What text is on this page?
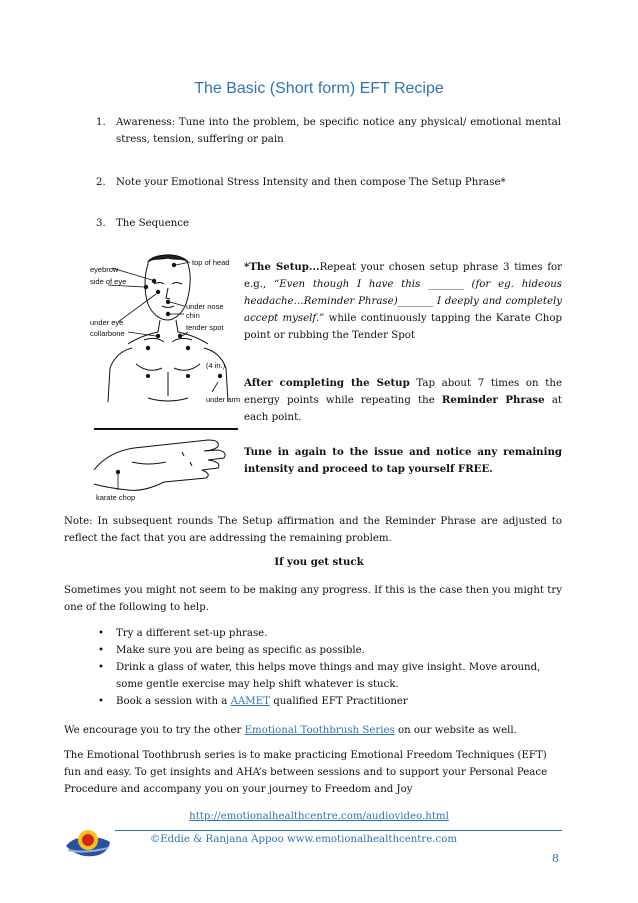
The Basic (Short form) EFT Recipe
1. Awareness: Tune into the problem, be specific notice any physical/ emotional mental stress, tension, suffering or pain
2. Note your Emotional Stress Intensity and then compose The Setup Phrase*
3. The Sequence
top of head
eyebrow
side of eye
under nose
chin
under eye
collarbone
tender spot
(4 in.)
under arm
karate chop
*The Setup...Repeat your chosen setup phrase 3 times for e.g., “Even though I have this _______ (for eg. hideous headache…Reminder Phrase)_______ I deeply and completely accept myself.” while continuously tapping the Karate Chop point or rubbing the Tender Spot
After completing the Setup Tap about 7 times on the energy points while repeating the Reminder Phrase at each point.
Tune in again to the issue and notice any remaining intensity and proceed to tap yourself FREE.
Note: In subsequent rounds The Setup affirmation and the Reminder Phrase are adjusted to reflect the fact that you are addressing the remaining problem.
If you get stuck
Sometimes you might not seem to be making any progress. If this is the case then you might try one of the following to help.
• Try a different set-up phrase.
• Make sure you are being as specific as possible.
• Drink a glass of water, this helps move things and may give insight. Move around, some gentle exercise may help shift whatever is stuck.
• Book a session with a AAMET qualified EFT Practitioner
We encourage you to try the other Emotional Toothbrush Series on our website as well.
The Emotional Toothbrush series is to make practicing Emotional Freedom Techniques (EFT) fun and easy. To get insights and AHA’s between sessions and to support your Personal Peace Procedure and accompany you on your journey to Freedom and Joy
http://emotionalhealthcentre.com/audiovideo.html
©Eddie & Ranjana Appoo www.emotionalhealthcentre.com
8
